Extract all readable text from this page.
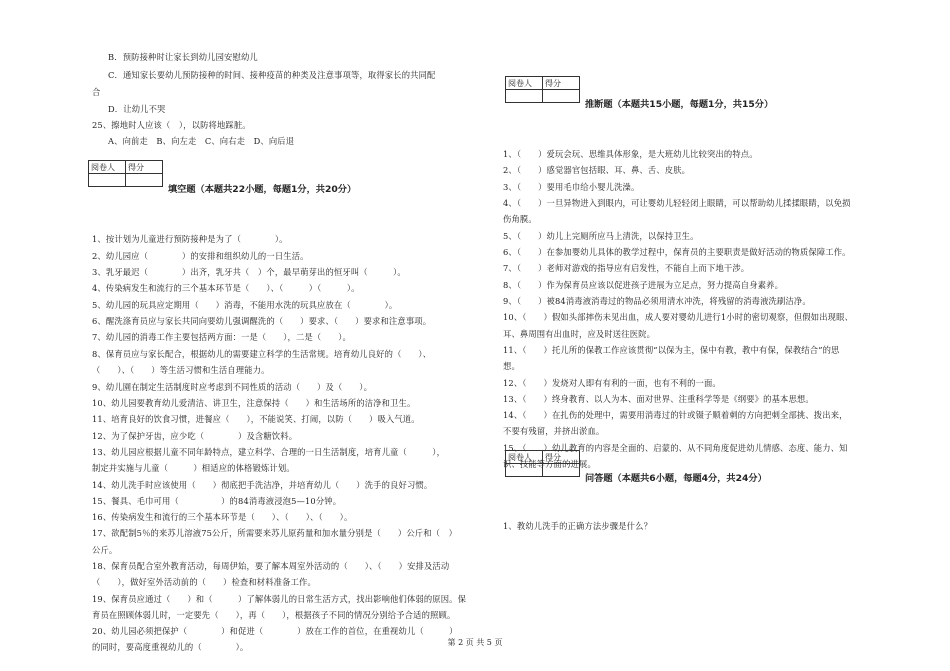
B．预防接种时让家长到幼儿园安慰幼儿
C．通知家长要幼儿预防接种的时间、接种疫苗的种类及注意事项等，取得家长的共同配
合
D．让幼儿不哭
25、擦地时人应该（　），以防将地踩脏。
A、向前走　B、向左走　C、向右走　D、向后退
阅卷人	得分

填空题（本题共22小题，每题1分，共20分）
1、按计划为儿童进行预防接种是为了（　　　　）。
2、幼儿园应（　　　　）的安排和组织幼儿的一日生活。
3、乳牙最迟（　　　　）出齐，乳牙共（　）个，最早萌芽出的恒牙叫（　　　）。
4、传染病发生和流行的三个基本环节是（　　）、（　　　）（　　　）。
5、幼儿园的玩具应定期用（　　）消毒，不能用水洗的玩具应放在（　　　　）。
6、醒洗涤育员应与家长共同向要幼儿强调醒洗的（　　）要求、（　　）要求和注意事项。
7、幼儿园的消毒工作主要包括两方面：一是（　　），二是（　　）。
8、保育员应与家长配合，根据幼儿的需要建立科学的生活常规。培育幼儿良好的（　　）、
（　　）、（　　）等生活习惯和生活自理能力。
9、幼儿園在制定生活制度时应考虑到不同性质的活动（　　）及（　　）。
10、幼儿园要教育幼儿爱清洁、讲卫生，注意保持（　　）和生活场所的洁净和卫生。
11、培育良好的饮食习惯，进餐应（　　），不能说笑、打闹，以防（　　）吸入气道。
12、为了保护牙齿，应少吃（　　　　）及含糖饮料。
13、幼儿园应根据儿童不同年龄特点，建立科学、合理的一日生活制度，培育儿童（　　　），
制定并实施与儿童（　　　）相适应的体格锻炼计划。
14、幼儿洗手时应该使用（　　）彻底把手洗洁净，并培育幼儿（　　）洗手的良好习惯。
15、餐具、毛巾可用（　　　　　）的84消毒液浸泡5—10分钟。
16、传染病发生和流行的三个基本环节是（　　）、（　　）、（　　）。
17、欲配制5％的来苏儿溶液75公斤，所需要来苏儿原药量和加水量分别是（　　）公斤和（　）
公斤。
18、保育员配合室外教育活动，每周伊始，要了解本周室外活动的（　　）、（　　）安排及活动
（　　），做好室外活动前的（　　）检查和材料准备工作。
19、保育员应通过（　　）和（　　　）了解体弱儿的日常生活方式，找出影响他们体弱的原因。保
育员在照顾体弱儿时，一定要先（　　），再（　　），根据孩子不同的情况分别给予合适的照顾。
20、幼儿园必须把保护（　　　　）和促进（　　　　）放在工作的首位，在重视幼儿（　　　）
的同时，要高度重视幼儿的（　　　　）。
阅卷人	得分

推断题（本题共15小题，每题1分，共15分）
1、（　　）爱玩会玩、思维具体形象，是大班幼儿比较突出的特点。
2、（　　）感觉器官包括眼、耳、鼻、舌、皮肤。
3、（　　）要用毛巾给小婴儿洗澡。
4、（　　）一旦异物进入到眼内，可让婴幼儿轻轻闭上眼睛，可以帮助幼儿揉揉眼睛，以免损
伤角膜。
5、（　　）幼儿上完厕所应马上清洗，以保持卫生。
6、（　　）在参加婴幼儿具体的教学过程中，保育员的主要职责是做好活动的物质保障工作。
7、（　　）老师对游戏的指导应有启发性，不能自上而下地干涉。
8、（　　）作为保育员应该以促进孩子进展为立足点，努力提高自身素养。
9、（　　）被84消毒液消毒过的物品必须用清水冲洗，将残留的消毒液洗刷洁净。
10、（　　）假如头部摔伤未见出血，成人要对婴幼儿进行1小时的密切观察，但假如出现眼、
耳、鼻周围有出血时，应及时送往医院。
11、（　　）托儿所的保教工作应该贯彻“以保为主，保中有教，教中有保，保教结合”的思
想。
12、（　　）发烧对人即有有利的一面，也有不利的一面。
13、（　　）终身教育、以人为本、面对世界、注重科学等是《纲要》的基本思想。
14、（　　）在扎伤的处理中，需要用消毒过的针或镊子顺着刺的方向把刺全部挑、拨出来，
不要有残留，并挤出淤血。
15、（　　）幼儿教育的内容是全面的、启蒙的、从不同角度促进幼儿情感、态度、能力、知
识、技能等方面的进展。
阅卷人	得分

问答题（本题共6小题，每题4分，共24分）
1、教幼儿洗手的正确方法步骤是什么？
第 2 页 共 5 页
